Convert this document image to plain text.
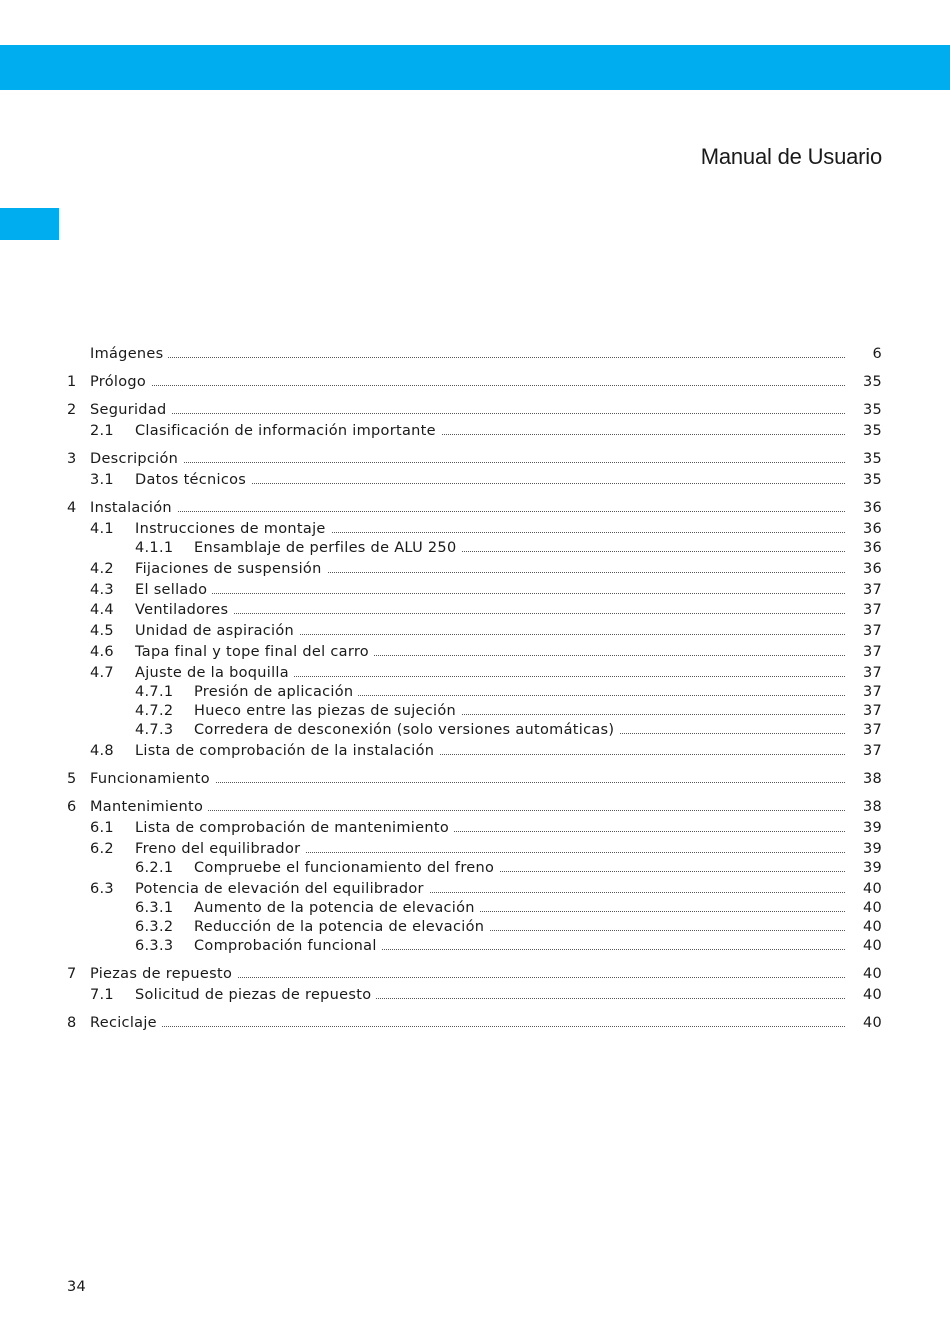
Manual de Usuario
Imágenes	6
1 Prólogo	35
2 Seguridad	35
2.1 Clasificación de información importante	35
3 Descripción	35
3.1 Datos técnicos	35
4 Instalación	36
4.1 Instrucciones de montaje	36
4.1.1 Ensamblaje de perfiles de ALU 250	36
4.2 Fijaciones de suspensión	36
4.3 El sellado	37
4.4 Ventiladores	37
4.5 Unidad de aspiración	37
4.6 Tapa final y tope final del carro	37
4.7 Ajuste de la boquilla	37
4.7.1 Presión de aplicación	37
4.7.2 Hueco entre las piezas de sujeción	37
4.7.3 Corredera de desconexión (solo versiones automáticas)	37
4.8 Lista de comprobación de la instalación	37
5 Funcionamiento	38
6 Mantenimiento	38
6.1 Lista de comprobación de mantenimiento	39
6.2 Freno del equilibrador	39
6.2.1 Compruebe el funcionamiento del freno	39
6.3 Potencia de elevación del equilibrador	40
6.3.1 Aumento de la potencia de elevación	40
6.3.2 Reducción de la potencia de elevación	40
6.3.3 Comprobación funcional	40
7 Piezas de repuesto	40
7.1 Solicitud de piezas de repuesto	40
8 Reciclaje	40
34
